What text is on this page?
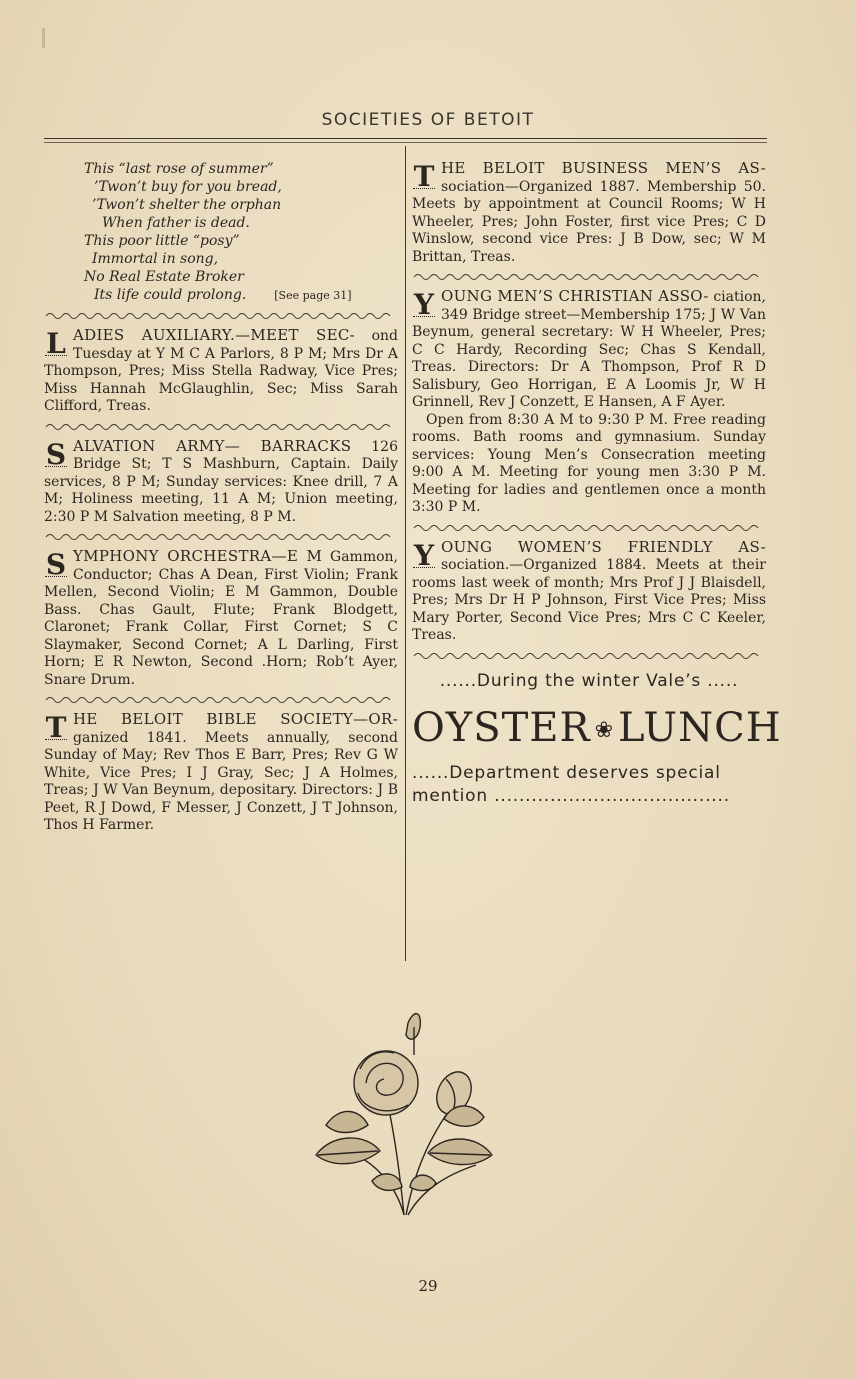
SOCIETIES OF BETOIT
This “last rose of summer”
’Twon’t buy for you bread,
’Twon’t shelter the orphan
When father is dead.
This poor little “posy”
Immortal in song,
No Real Estate Broker
Its life could prolong.	[See page 31]
L ADIES AUXILIARY.—MEET SEC- ond Tuesday at Y M C A Parlors, 8 P M; Mrs Dr A Thompson, Pres; Miss Stella Radway, Vice Pres; Miss Hannah McGlaughlin, Sec; Miss Sarah Clifford, Treas.
S ALVATION ARMY— BARRACKS 126 Bridge St; T S Mashburn, Captain. Daily services, 8 P M; Sunday services: Knee drill, 7 A M; Holiness meeting, 11 A M; Union meeting, 2:30 P M Salvation meeting, 8 P M.
S YMPHONY ORCHESTRA—E M Gammon, Conductor; Chas A Dean, First Violin; Frank Mellen, Second Violin; E M Gammon, Double Bass. Chas Gault, Flute; Frank Blodgett, Claronet; Frank Collar, First Cornet; S C Slaymaker, Second Cornet; A L Darling, First Horn; E R Newton, Second .Horn; Rob’t Ayer, Snare Drum.
T HE BELOIT BIBLE SOCIETY—OR- ganized 1841. Meets annually, second Sunday of May; Rev Thos E Barr, Pres; Rev G W White, Vice Pres; I J Gray, Sec; J A Holmes, Treas; J W Van Beynum, depositary. Directors: J B Peet, R J Dowd, F Messer, J Conzett, J T Johnson, Thos H Farmer.
T HE BELOIT BUSINESS MEN’S AS- sociation—Organized 1887. Membership 50. Meets by appointment at Council Rooms; W H Wheeler, Pres; John Foster, first vice Pres; C D Winslow, second vice Pres: J B Dow, sec; W M Brittan, Treas.
Y OUNG MEN’S CHRISTIAN ASSO- ciation, 349 Bridge street—Membership 175; J W Van Beynum, general secretary: W H Wheeler, Pres; C C Hardy, Recording Sec; Chas S Kendall, Treas. Directors: Dr A Thompson, Prof R D Salisbury, Geo Horrigan, E A Loomis Jr, W H Grinnell, Rev J Conzett, E Hansen, A F Ayer.

Open from 8:30 A M to 9:30 P M. Free reading rooms. Bath rooms and gymnasium. Sunday services: Young Men’s Consecration meeting 9:00 A M. Meeting for young men 3:30 P M. Meeting for ladies and gentlemen once a month 3:30 P M.

Y OUNG WOMEN’S FRIENDLY AS- sociation.—Organized 1884. Meets at their rooms last week of month; Mrs Prof J J Blaisdell, Pres; Mrs Dr H P Johnson, First Vice Pres; Miss Mary Porter, Second Vice Pres; Mrs C C Keeler, Treas.
......During the winter Vale’s .....
OYSTER ❀ LUNCH
......Department deserves special mention ......................................
29
